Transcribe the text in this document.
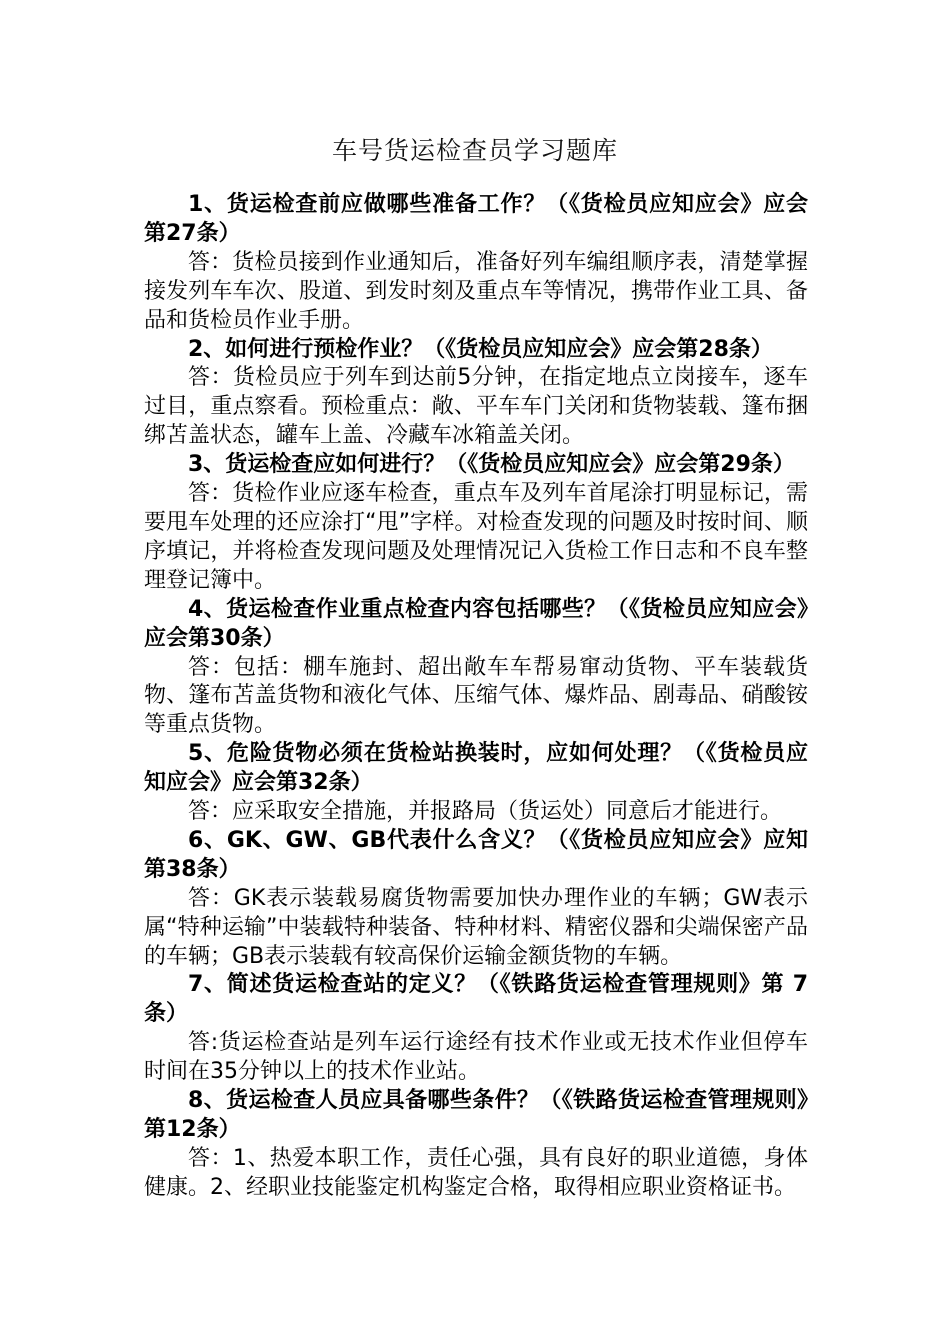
车号货运检查员学习题库

1、货运检查前应做哪些准备工作？（《货检员应知应会》应会第27条）

答：货检员接到作业通知后，准备好列车编组顺序表，清楚掌握接发列车车次、股道、到发时刻及重点车等情况，携带作业工具、备品和货检员作业手册。

2、如何进行预检作业？（《货检员应知应会》应会第28条）

答：货检员应于列车到达前5分钟，在指定地点立岗接车，逐车过目，重点察看。预检重点：敞、平车车门关闭和货物装载、篷布捆绑苫盖状态，罐车上盖、冷藏车冰箱盖关闭。

3、货运检查应如何进行？（《货检员应知应会》应会第29条）

答：货检作业应逐车检查，重点车及列车首尾涂打明显标记，需要甩车处理的还应涂打“甩”字样。对检查发现的问题及时按时间、顺序填记，并将检查发现问题及处理情况记入货检工作日志和不良车整理登记簿中。

4、货运检查作业重点检查内容包括哪些？（《货检员应知应会》应会第30条）

答：包括：棚车施封、超出敞车车帮易窜动货物、平车装载货物、篷布苫盖货物和液化气体、压缩气体、爆炸品、剧毒品、硝酸铵等重点货物。

5、危险货物必须在货检站换装时，应如何处理？（《货检员应知应会》应会第32条）

答：应采取安全措施，并报路局（货运处）同意后才能进行。

6、GK、GW、GB代表什么含义？（《货检员应知应会》应知第38条）

答：GK表示装载易腐货物需要加快办理作业的车辆；GW表示属“特种运输”中装载特种装备、特种材料、精密仪器和尖端保密产品的车辆；GB表示装载有较高保价运输金额货物的车辆。

7、简述货运检查站的定义？（《铁路货运检查管理规则》第 7 条）

答:货运检查站是列车运行途经有技术作业或无技术作业但停车时间在35分钟以上的技术作业站。

8、货运检查人员应具备哪些条件？（《铁路货运检查管理规则》第12条）

答：1、热爱本职工作，责任心强，具有良好的职业道德，身体健康。2、经职业技能鉴定机构鉴定合格，取得相应职业资格证书。
